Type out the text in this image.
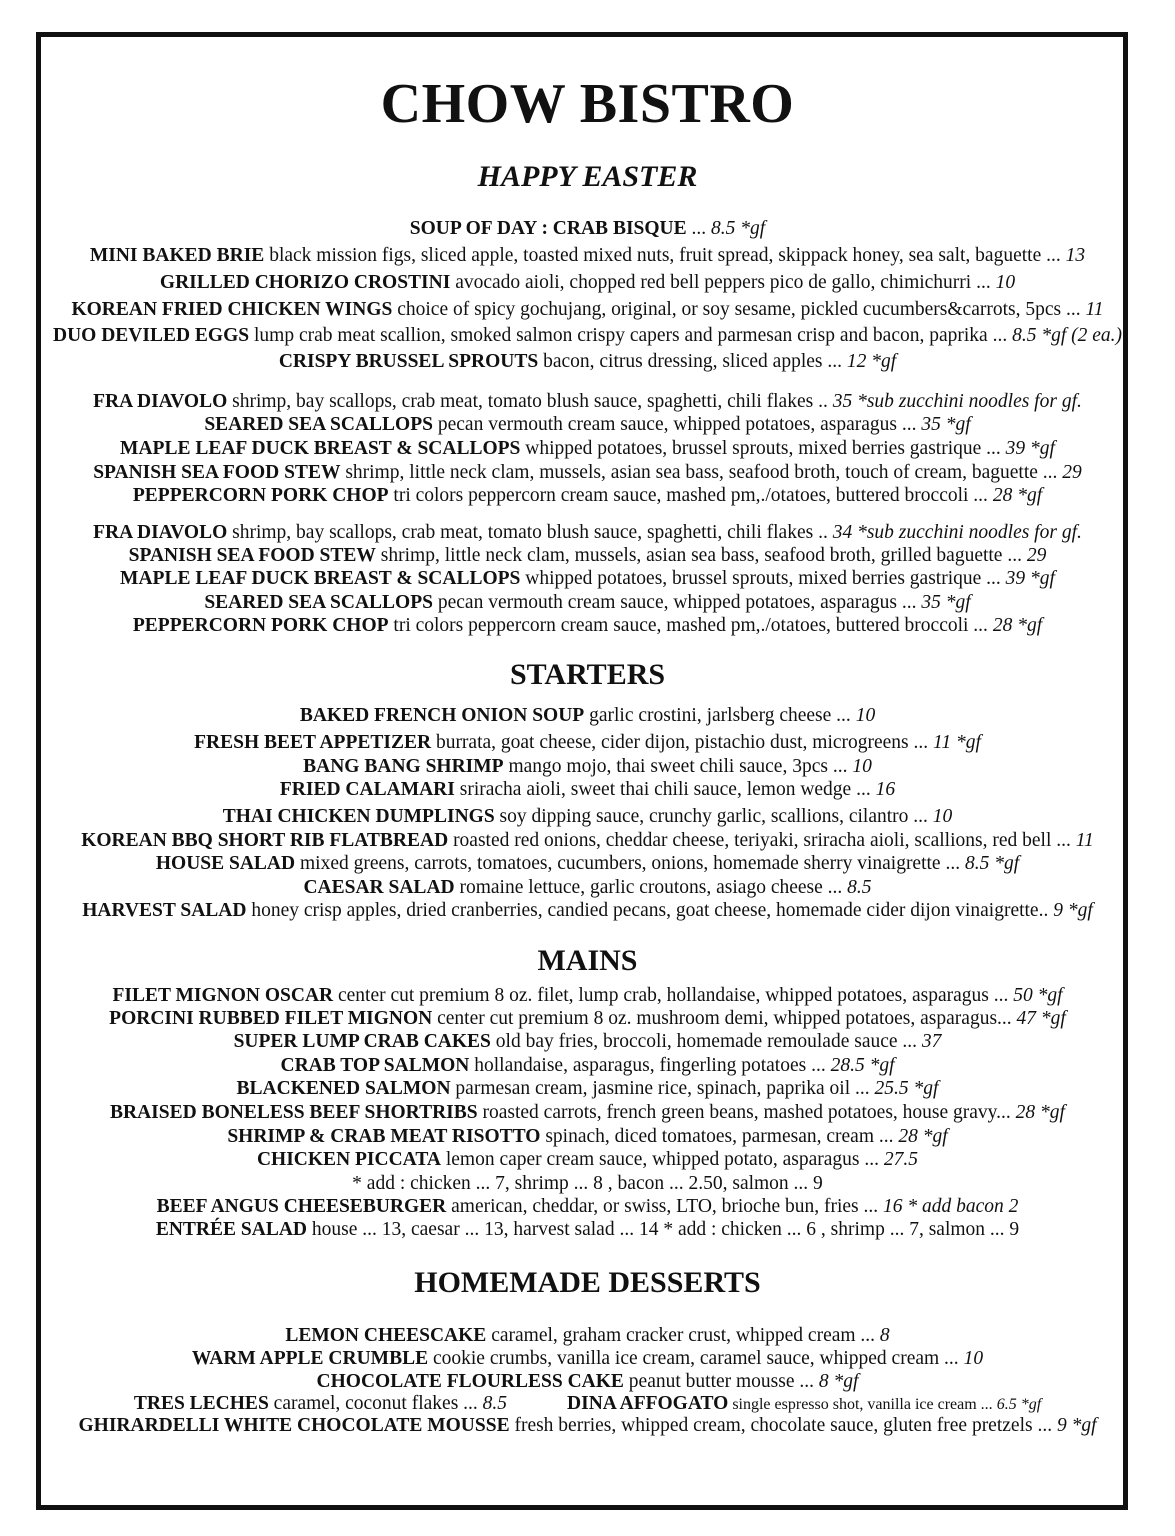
CHOW BISTRO
HAPPY EASTER
SOUP OF DAY : CRAB BISQUE ... 8.5 *gf
MINI BAKED BRIE black mission figs, sliced apple, toasted mixed nuts, fruit spread, skippack honey, sea salt, baguette ... 13
GRILLED CHORIZO CROSTINI avocado aioli, chopped red bell peppers pico de gallo, chimichurri ... 10
KOREAN FRIED CHICKEN WINGS choice of spicy gochujang, original, or soy sesame, pickled cucumbers&carrots, 5pcs ... 11
DUO DEVILED EGGS lump crab meat scallion, smoked salmon crispy capers and parmesan crisp and bacon, paprika ... 8.5 *gf (2 ea.)
CRISPY BRUSSEL SPROUTS bacon, citrus dressing, sliced apples ... 12 *gf
FRA DIAVOLO shrimp, bay scallops, crab meat, tomato blush sauce, spaghetti, chili flakes .. 35 *sub zucchini noodles for gf.
SEARED SEA SCALLOPS pecan vermouth cream sauce, whipped potatoes, asparagus ... 35 *gf
MAPLE LEAF DUCK BREAST & SCALLOPS whipped potatoes, brussel sprouts, mixed berries gastrique ... 39 *gf
SPANISH SEA FOOD STEW shrimp, little neck clam, mussels, asian sea bass, seafood broth, touch of cream, baguette ... 29
PEPPERCORN PORK CHOP tri colors peppercorn cream sauce, mashed pm,./otatoes, buttered broccoli ... 28 *gf
FRA DIAVOLO shrimp, bay scallops, crab meat, tomato blush sauce, spaghetti, chili flakes .. 34 *sub zucchini noodles for gf.
SPANISH SEA FOOD STEW shrimp, little neck clam, mussels, asian sea bass, seafood broth, grilled baguette ... 29
MAPLE LEAF DUCK BREAST & SCALLOPS whipped potatoes, brussel sprouts, mixed berries gastrique ... 39 *gf
SEARED SEA SCALLOPS pecan vermouth cream sauce, whipped potatoes, asparagus ... 35 *gf
PEPPERCORN PORK CHOP tri colors peppercorn cream sauce, mashed pm,./otatoes, buttered broccoli ... 28 *gf
STARTERS
BAKED FRENCH ONION SOUP garlic crostini, jarlsberg cheese ... 10
FRESH BEET APPETIZER burrata, goat cheese, cider dijon, pistachio dust, microgreens ... 11 *gf
BANG BANG SHRIMP mango mojo, thai sweet chili sauce, 3pcs ... 10
FRIED CALAMARI sriracha aioli, sweet thai chili sauce, lemon wedge ... 16
THAI CHICKEN DUMPLINGS soy dipping sauce, crunchy garlic, scallions, cilantro ... 10
KOREAN BBQ SHORT RIB FLATBREAD roasted red onions, cheddar cheese, teriyaki, sriracha aioli, scallions, red bell ... 11
HOUSE SALAD mixed greens, carrots, tomatoes, cucumbers, onions, homemade sherry vinaigrette ... 8.5 *gf
CAESAR SALAD romaine lettuce, garlic croutons, asiago cheese ... 8.5
HARVEST SALAD honey crisp apples, dried cranberries, candied pecans, goat cheese, homemade cider dijon vinaigrette.. 9 *gf
MAINS
FILET MIGNON OSCAR center cut premium 8 oz. filet, lump crab, hollandaise, whipped potatoes, asparagus ... 50 *gf
PORCINI RUBBED FILET MIGNON center cut premium 8 oz. mushroom demi, whipped potatoes, asparagus... 47 *gf
SUPER LUMP CRAB CAKES old bay fries, broccoli, homemade remoulade sauce ... 37
CRAB TOP SALMON hollandaise, asparagus, fingerling potatoes ... 28.5 *gf
BLACKENED SALMON parmesan cream, jasmine rice, spinach, paprika oil ... 25.5 *gf
BRAISED BONELESS BEEF SHORTRIBS roasted carrots, french green beans, mashed potatoes, house gravy... 28 *gf
SHRIMP & CRAB MEAT RISOTTO spinach, diced tomatoes, parmesan, cream ... 28 *gf
CHICKEN PICCATA lemon caper cream sauce, whipped potato, asparagus ... 27.5
* add : chicken ... 7, shrimp ... 8 , bacon ... 2.50, salmon ... 9
BEEF ANGUS CHEESEBURGER american, cheddar, or swiss, LTO, brioche bun, fries ... 16 * add bacon 2
ENTRÉE SALAD house ... 13, caesar ... 13, harvest salad ... 14 * add : chicken ... 6 , shrimp ... 7, salmon ... 9
HOMEMADE DESSERTS
LEMON CHEESCAKE caramel, graham cracker crust, whipped cream ... 8
WARM APPLE CRUMBLE cookie crumbs, vanilla ice cream, caramel sauce, whipped cream ... 10
CHOCOLATE FLOURLESS CAKE peanut butter mousse ... 8 *gf
TRES LECHES caramel, coconut flakes ... 8.5	DINA AFFOGATO single espresso shot, vanilla ice cream ... 6.5 *gf
GHIRARDELLI WHITE CHOCOLATE MOUSSE fresh berries, whipped cream, chocolate sauce, gluten free pretzels ... 9 *gf
